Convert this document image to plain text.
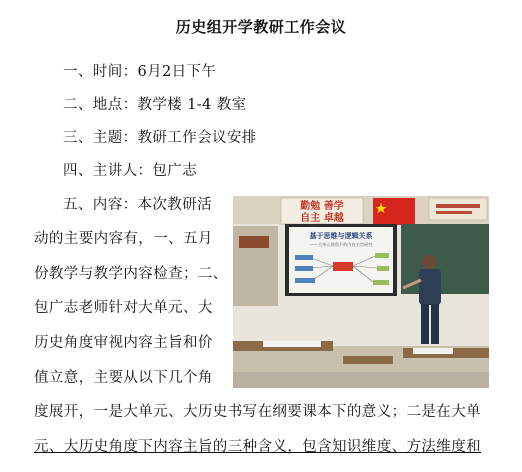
历史组开学教研工作会议
一、时间：6月2日下午
二、地点：教学楼 1-4 教室
三、主题：教研工作会议安排
四、主讲人：包广志
五、内容：本次教研活
动的主要内容有，一、五月
份教学与教学内容检查；二、
包广志老师针对大单元、大
历史角度审视内容主旨和价
值立意，主要从以下几个角
度展开，一是大单元、大历史书写在纲要课本下的意义；二是在大单
元、大历史角度下内容主旨的三种含义，包含知识维度、方法维度和
勤勉 善学
自主 卓越
基于思维与逻辑关系
——大单元视角下的内容主旨研究
